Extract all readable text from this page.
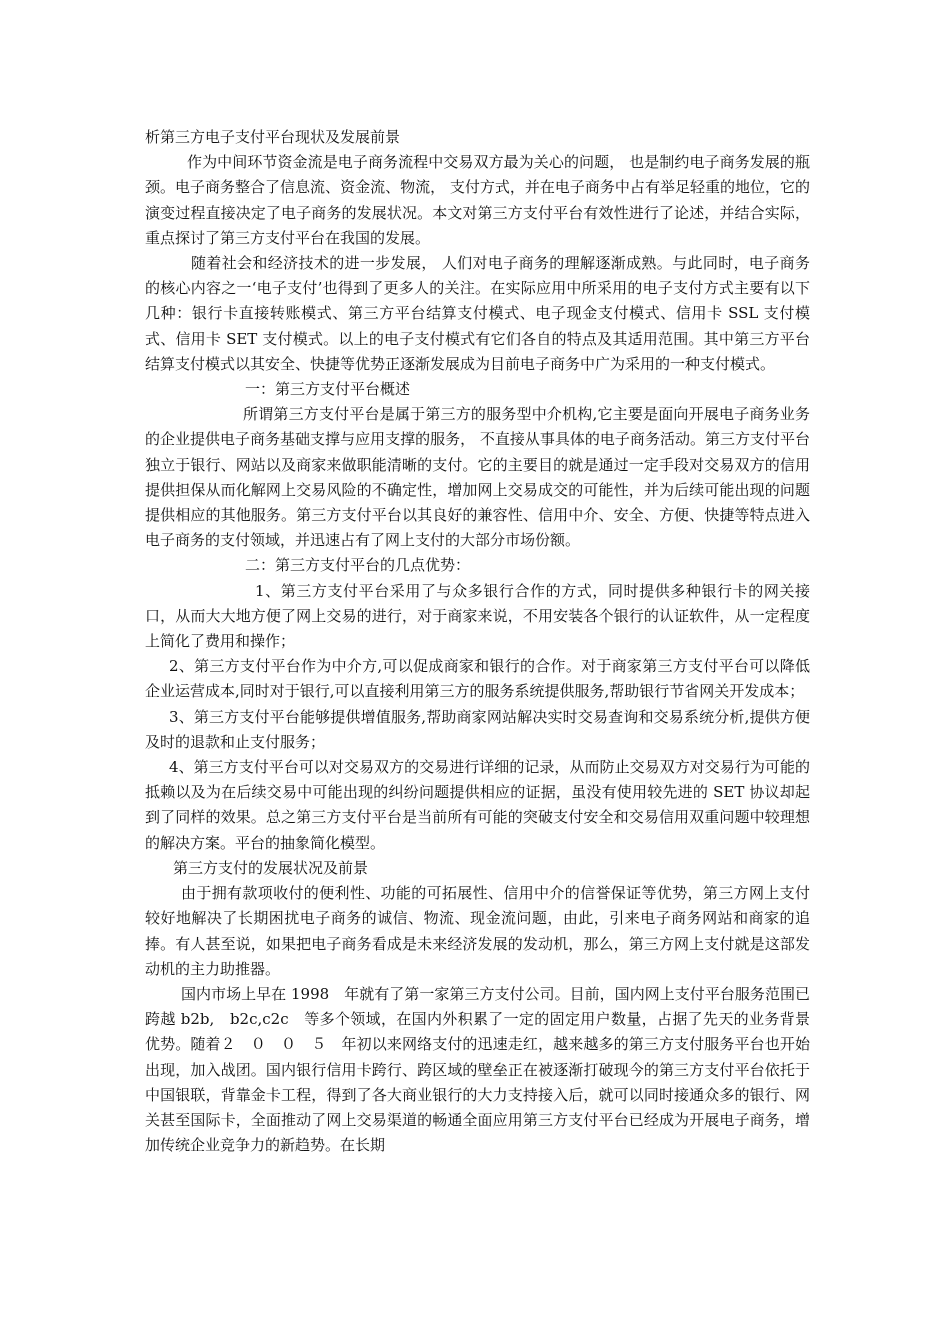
析第三方电子支付平台现状及发展前景

作为中间环节资金流是电子商务流程中交易双方最为关心的问题， 也是制约电子商务发展的瓶颈。电子商务整合了信息流、资金流、物流， 支付方式，并在电子商务中占有举足轻重的地位，它的演变过程直接决定了电子商务的发展状况。本文对第三方支付平台有效性进行了论述，并结合实际，重点探讨了第三方支付平台在我国的发展。

随着社会和经济技术的进一步发展， 人们对电子商务的理解逐渐成熟。与此同时，电子商务的核心内容之一‘电子支付’也得到了更多人的关注。在实际应用中所采用的电子支付方式主要有以下几种：银行卡直接转账模式、第三方平台结算支付模式、电子现金支付模式、信用卡 SSL 支付模式、信用卡 SET 支付模式。以上的电子支付模式有它们各自的特点及其适用范围。其中第三方平台结算支付模式以其安全、快捷等优势正逐渐发展成为目前电子商务中广为采用的一种支付模式。

一：第三方支付平台概述

所谓第三方支付平台是属于第三方的服务型中介机构,它主要是面向开展电子商务业务的企业提供电子商务基础支撑与应用支撑的服务， 不直接从事具体的电子商务活动。第三方支付平台独立于银行、网站以及商家来做职能清晰的支付。它的主要目的就是通过一定手段对交易双方的信用提供担保从而化解网上交易风险的不确定性，增加网上交易成交的可能性，并为后续可能出现的问题提供相应的其他服务。第三方支付平台以其良好的兼容性、信用中介、安全、方便、快捷等特点进入电子商务的支付领域，并迅速占有了网上支付的大部分市场份额。

二：第三方支付平台的几点优势：

1、第三方支付平台采用了与众多银行合作的方式，同时提供多种银行卡的网关接口，从而大大地方便了网上交易的进行，对于商家来说，不用安装各个银行的认证软件，从一定程度上简化了费用和操作；

2、第三方支付平台作为中介方,可以促成商家和银行的合作。对于商家第三方支付平台可以降低企业运营成本,同时对于银行,可以直接利用第三方的服务系统提供服务,帮助银行节省网关开发成本；

3、第三方支付平台能够提供增值服务,帮助商家网站解决实时交易查询和交易系统分析,提供方便及时的退款和止支付服务；

4、第三方支付平台可以对交易双方的交易进行详细的记录，从而防止交易双方对交易行为可能的抵赖以及为在后续交易中可能出现的纠纷问题提供相应的证据，虽没有使用较先进的 SET 协议却起到了同样的效果。总之第三方支付平台是当前所有可能的突破支付安全和交易信用双重问题中较理想的解决方案。平台的抽象简化模型。

第三方支付的发展状况及前景

由于拥有款项收付的便利性、功能的可拓展性、信用中介的信誉保证等优势，第三方网上支付较好地解决了长期困扰电子商务的诚信、物流、现金流问题，由此，引来电子商务网站和商家的追捧。有人甚至说，如果把电子商务看成是未来经济发展的发动机，那么，第三方网上支付就是这部发动机的主力助推器。

国内市场上早在 1998　年就有了第一家第三方支付公司。目前，国内网上支付平台服务范围已跨越 b2b,　b2c,c2c　等多个领域，在国内外积累了一定的固定用户数量，占据了先天的业务背景优势。随着２　０　０　５　年初以来网络支付的迅速走红，越来越多的第三方支付服务平台也开始出现，加入战团。国内银行信用卡跨行、跨区域的壁垒正在被逐渐打破现今的第三方支付平台依托于中国银联，背靠金卡工程，得到了各大商业银行的大力支持接入后，就可以同时接通众多的银行、网关甚至国际卡，全面推动了网上交易渠道的畅通全面应用第三方支付平台已经成为开展电子商务，增加传统企业竞争力的新趋势。在长期
